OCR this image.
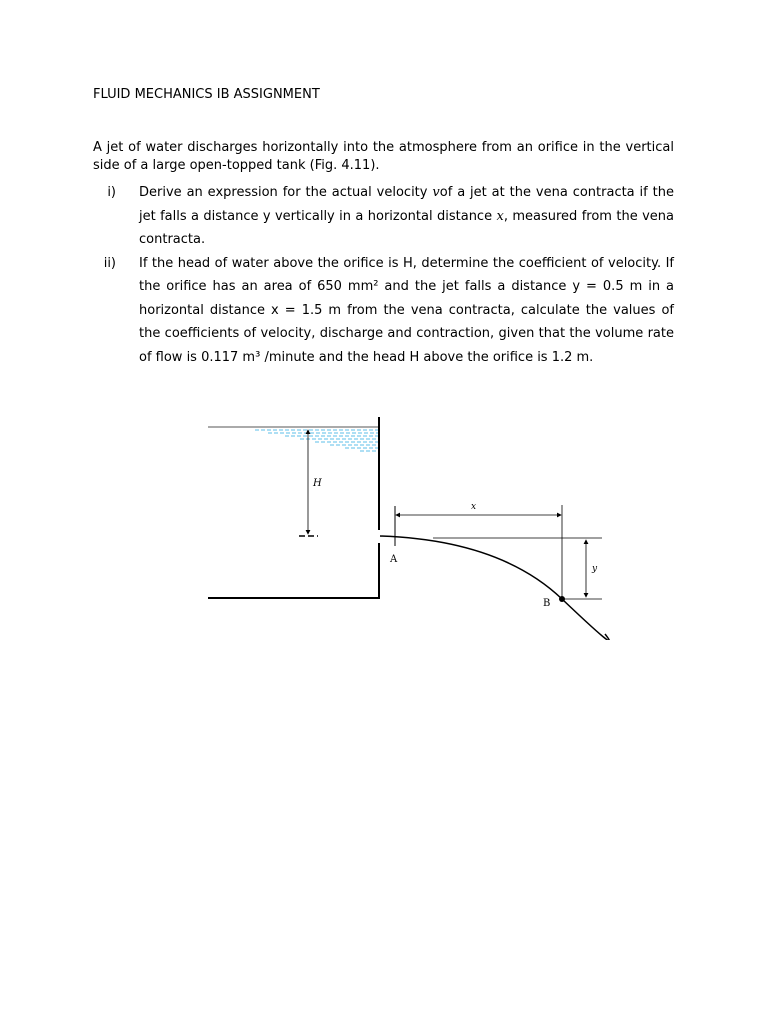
FLUID MECHANICS IB ASSIGNMENT
A jet of water discharges horizontally into the atmosphere from an orifice in the vertical side of a large open-topped tank (Fig. 4.11).
i)	Derive an expression for the actual velocity vof a jet at the vena contracta if the jet falls a distance y vertically in a horizontal distance x, measured from the vena contracta.
ii)	If the head of water above the orifice is H, determine the coefficient of velocity. If the orifice has an area of 650 mm² and the jet falls a distance y = 0.5 m in a horizontal distance x = 1.5 m from the vena contracta, calculate the values of the coefficients of velocity, discharge and contraction, given that the volume rate of flow is 0.117 m³ /minute and the head H above the orifice is 1.2 m.
H
x
y
A
B
